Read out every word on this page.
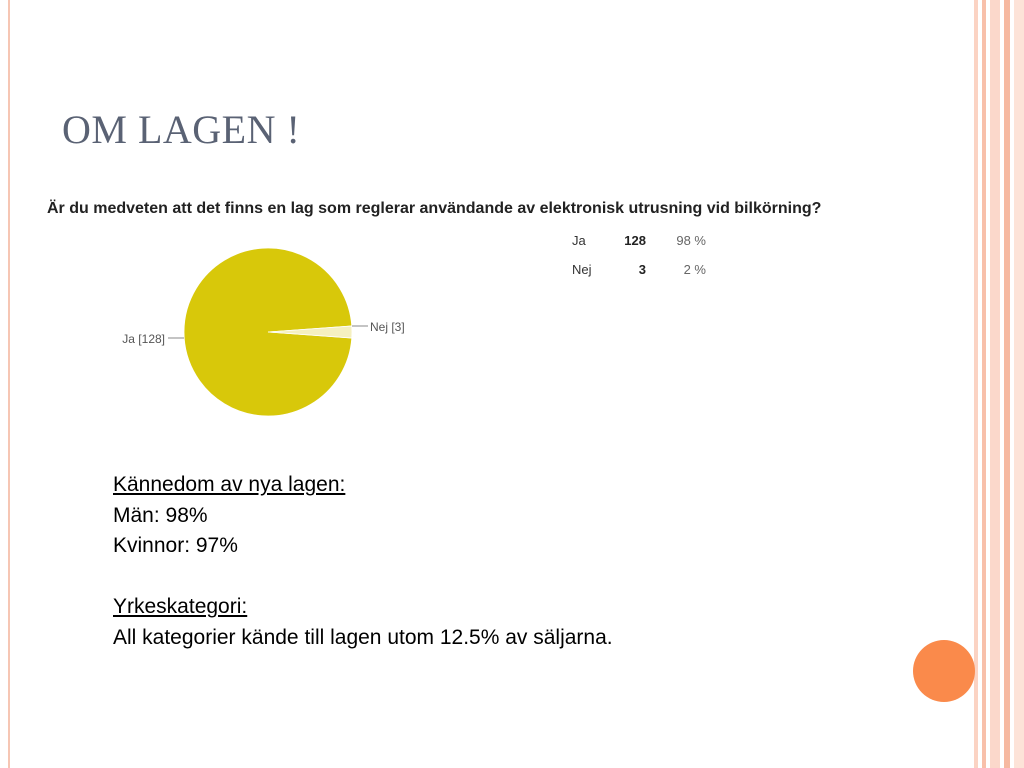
OM LAGEN !
Är du medveten att det finns en lag som reglerar användande av elektronisk utrusning vid bilkörning?
Ja [128]
Nej [3]
Ja	128	98 %
Nej	3	2 %
Kännedom av nya lagen:
Män: 98%
Kvinnor: 97%
Yrkeskategori:
All kategorier kände till lagen utom 12.5% av säljarna.
